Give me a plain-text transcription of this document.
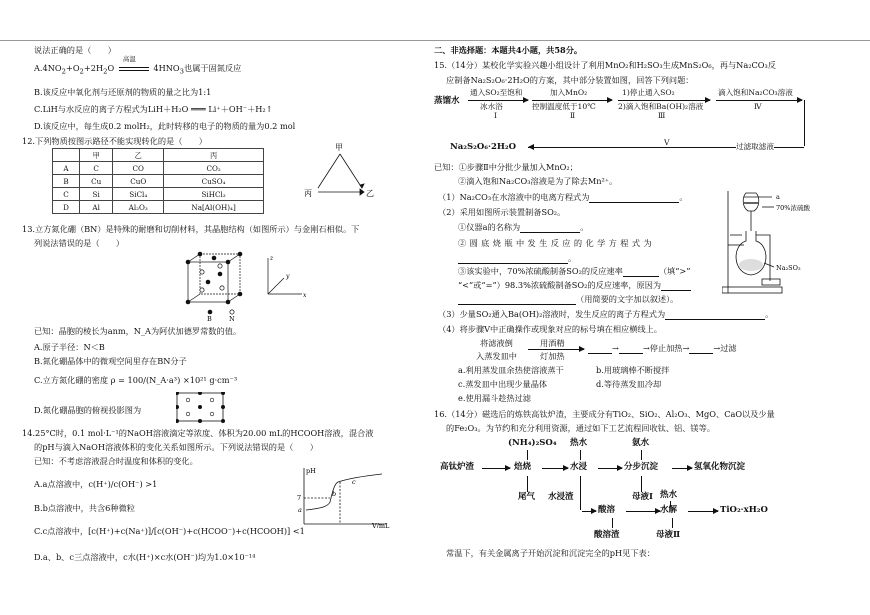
说法正确的是（　　）
$A.4NO_2+O_2+2H_2O$
高温
$4HNO_3$也属于固氮反应
B.该反应中氧化剂与还原剂的物质的量之比为1:1
C.LiH与水反应的离子方程式为LiH＋H₂O ═══ Li⁺＋OH⁻＋H₂↑
D.该反应中，每生成0.2 molH₂，此时转移的电子的物质的量为0.2 mol
12.下列物质按图示路径不能实现转化的是（　　）
	甲	乙	丙
A	C	CO	CO₂
B	Cu	CuO	CuSO₄
C	Si	SiCl₄	SiHCl₃
D	Al	Al₂O₃	Na[Al(OH)₄]
甲
丙	乙
13.立方氮化硼（BN）是特殊的耐磨和切削材料，其晶胞结构（如图所示）与金刚石相似。下
列说法错误的是（　　）
z
y
x
B	N
已知：晶胞的棱长为anm，N_A为阿伏加德罗常数的值。
A.原子半径：N＜B
B.氮化硼晶体中的微观空间里存在BN分子
C.立方氮化硼的密度 ρ = 100/(N_A·a³) ×10²¹ g·cm⁻³
D.氮化硼晶胞的俯视投影图为
14.25°C时，0.1 mol·L⁻¹的NaOH溶液滴定等浓度、体积为20.00 mL的HCOOH溶液，混合液
的pH与滴入NaOH溶液体积的变化关系如图所示。下列说法错误的是（　　）
已知：不考虑溶液混合时温度和体积的变化。
A.a点溶液中，c(H⁺)/c(OH⁻) >1
B.b点溶液中，共含6种微粒
C.c点溶液中，[c(H⁺)+c(Na⁺)]/[c(OH⁻)+c(HCOO⁻)+c(HCOOH)] <1
D.a、b、c三点溶液中，c水(H⁺)×c水(OH⁻)均为1.0×10⁻¹⁴
pH
V/mL
7
a
b
c
二、非选择题：本题共4小题，共58分。
15.（14分）某校化学实验兴趣小组设计了利用MnO₂和H₂SO₃生成MnS₂O₆，再与Na₂CO₃反
应制备Na₂S₂O₆·2H₂O的方案，其中部分装置如图，回答下列问题：
蒸馏水
通入SO₂至饱和
冰水浴
Ⅰ
加入MnO₂
控制温度低于10℃
Ⅱ
1)停止通入SO₂
2)滴入饱和Ba(OH)₂溶液
Ⅲ
滴入饱和Na₂CO₃溶液
Ⅳ
Na₂S₂O₆·2H₂O	Ⅴ	过滤取滤液
已知：①步骤Ⅱ中分批少量加入MnO₂；
②滴入饱和Na₂CO₃溶液是为了除去Mn²⁺。
（1）Na₂CO₃在水溶液中的电离方程式为	。
（2）采用如图所示装置制备SO₂。
①仪器a的名称为	。
② 圆 底 烧 瓶 中 发 生 反 应 的 化 学 方 程 式 为
。
③该实验中，70%浓硫酸制备SO₂的反应速率	（填“>”
“<”或“=”）98.3%浓硫酸制备SO₂的反应速率，原因为
（用简要的文字加以叙述）。
a
70%浓硫酸
Na₂SO₃
（3）少量SO₂通入Ba(OH)₂溶液时，发生反应的离子方程式为	。
（4）将步骤Ⅴ中正确操作或现象对应的标号填在相应横线上。
将滤液倒
入蒸发皿中
用酒精
灯加热
→	→停止加热→	→过滤
a.利用蒸发皿余热使溶液蒸干	b.用玻璃棒不断搅拌
c.蒸发皿中出现少量晶体	d.等待蒸发皿冷却
e.使用漏斗趁热过滤
16.（14分）磁选后的炼铁高钛炉渣，主要成分有TiO₂、SiO₂、Al₂O₃、MgO、CaO以及少量
的Fe₂O₃。为节约和充分利用资源，通过如下工艺流程回收钛、铝、镁等。
(NH₄)₂SO₄ 热水	氨水
高钛炉渣	焙烧	水浸	分步沉淀	氢氧化物沉淀
尾气 水浸渣	母液Ⅰ
酸溶
热水
水解	TiO₂·xH₂O
酸溶渣	母液Ⅱ
常温下，有关金属离子开始沉淀和沉淀完全的pH见下表：
